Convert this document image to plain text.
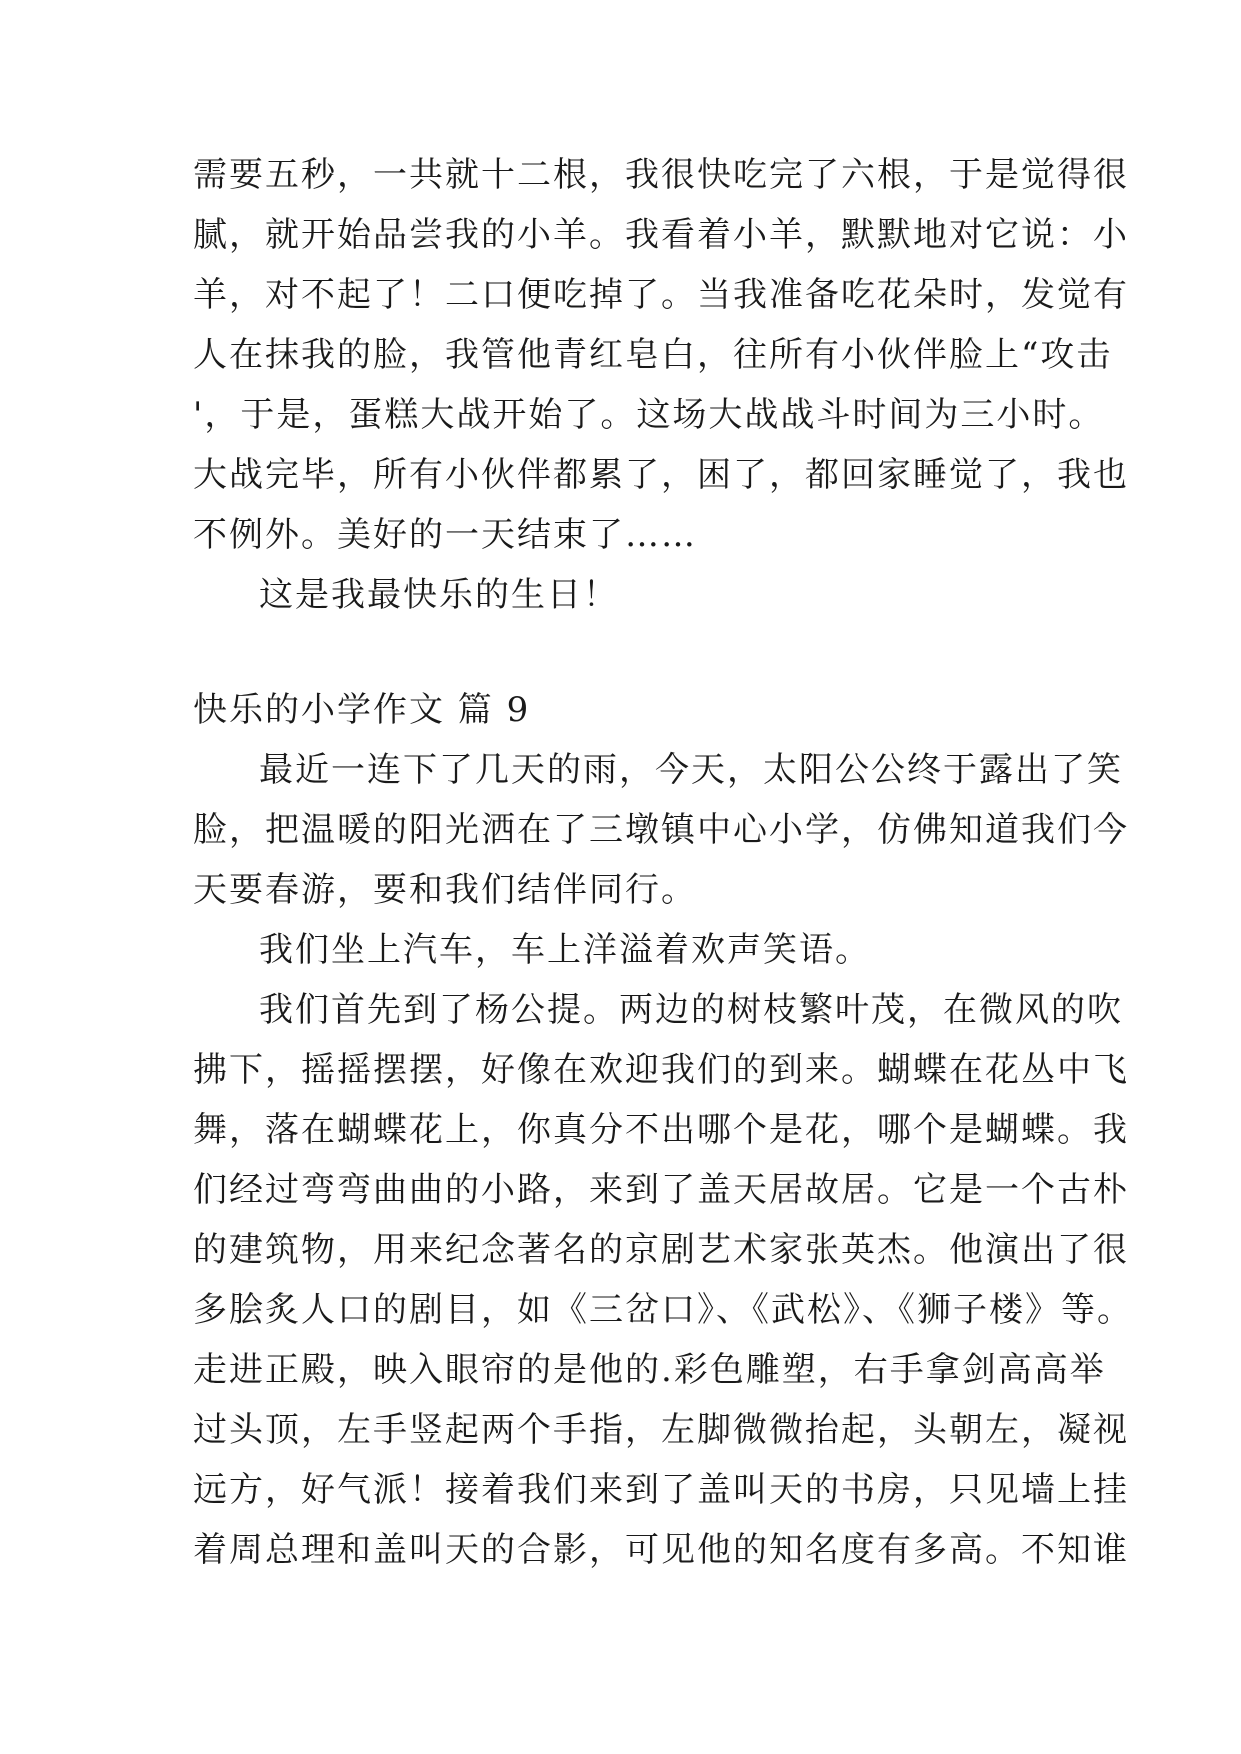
需要五秒，一共就十二根，我很快吃完了六根，于是觉得很
腻，就开始品尝我的小羊。我看着小羊，默默地对它说：小
羊，对不起了！二口便吃掉了。当我准备吃花朵时，发觉有
人在抹我的脸，我管他青红皂白，往所有小伙伴脸上“攻击
'，于是，蛋糕大战开始了。这场大战战斗时间为三小时。
大战完毕，所有小伙伴都累了，困了，都回家睡觉了，我也
不例外。美好的一天结束了……
这是我最快乐的生日！
快乐的小学作文 篇 9
最近一连下了几天的雨，今天，太阳公公终于露出了笑
脸，把温暖的阳光洒在了三墩镇中心小学，仿佛知道我们今
天要春游，要和我们结伴同行。
我们坐上汽车，车上洋溢着欢声笑语。
我们首先到了杨公提。两边的树枝繁叶茂，在微风的吹
拂下，摇摇摆摆，好像在欢迎我们的到来。蝴蝶在花丛中飞
舞，落在蝴蝶花上，你真分不出哪个是花，哪个是蝴蝶。我
们经过弯弯曲曲的小路，来到了盖天居故居。它是一个古朴
的建筑物，用来纪念著名的京剧艺术家张英杰。他演出了很
多脍炙人口的剧目，如《三岔口》、《武松》、《狮子楼》等。
走进正殿，映入眼帘的是他的.彩色雕塑，右手拿剑高高举
过头顶，左手竖起两个手指，左脚微微抬起，头朝左，凝视
远方，好气派！接着我们来到了盖叫天的书房，只见墙上挂
着周总理和盖叫天的合影，可见他的知名度有多高。不知谁
